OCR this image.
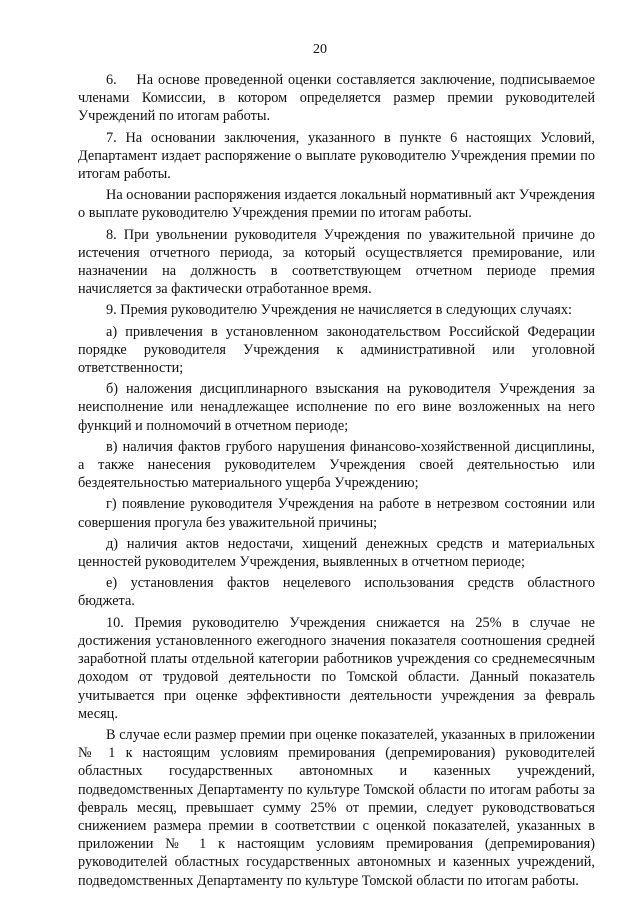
20

6.    На основе проведенной оценки составляется заключение, подписываемое членами Комиссии, в котором определяется размер премии руководителей Учреждений по итогам работы.

7. На основании заключения, указанного в пункте 6 настоящих Условий, Департамент издает распоряжение о выплате руководителю Учреждения премии по итогам работы.

На основании распоряжения издается локальный нормативный акт Учреждения о выплате руководителю Учреждения премии по итогам работы.

8. При увольнении руководителя Учреждения по уважительной причине до истечения отчетного периода, за который осуществляется премирование, или назначении на должность в соответствующем отчетном периоде премия начисляется за фактически отработанное время.

9. Премия руководителю Учреждения не начисляется в следующих случаях:

а) привлечения в установленном законодательством Российской Федерации порядке руководителя Учреждения к административной или уголовной ответственности;

б) наложения дисциплинарного взыскания на руководителя Учреждения за неисполнение или ненадлежащее исполнение по его вине возложенных на него функций и полномочий в отчетном периоде;

в) наличия фактов грубого нарушения финансово-хозяйственной дисциплины, а также нанесения руководителем Учреждения своей деятельностью или бездеятельностью материального ущерба Учреждению;

г) появление руководителя Учреждения на работе в нетрезвом состоянии или совершения прогула без уважительной причины;

д) наличия актов недостачи, хищений денежных средств и материальных ценностей руководителем Учреждения, выявленных в отчетном периоде;

е) установления фактов нецелевого использования средств областного бюджета.

10. Премия руководителю Учреждения снижается на 25% в случае не достижения установленного ежегодного значения показателя соотношения средней заработной платы отдельной категории работников учреждения со среднемесячным доходом от трудовой деятельности по Томской области. Данный показатель учитывается при оценке эффективности деятельности учреждения за февраль месяц.

В случае если размер премии при оценке показателей, указанных в приложении № 1 к настоящим условиям премирования (депремирования) руководителей областных государственных автономных и казенных учреждений, подведомственных Департаменту по культуре Томской области по итогам работы за февраль месяц, превышает сумму 25% от премии, следует руководствоваться снижением размера премии в соответствии с оценкой показателей, указанных в приложении № 1 к настоящим условиям премирования (депремирования) руководителей областных государственных автономных и казенных учреждений, подведомственных Департаменту по культуре Томской области по итогам работы.
